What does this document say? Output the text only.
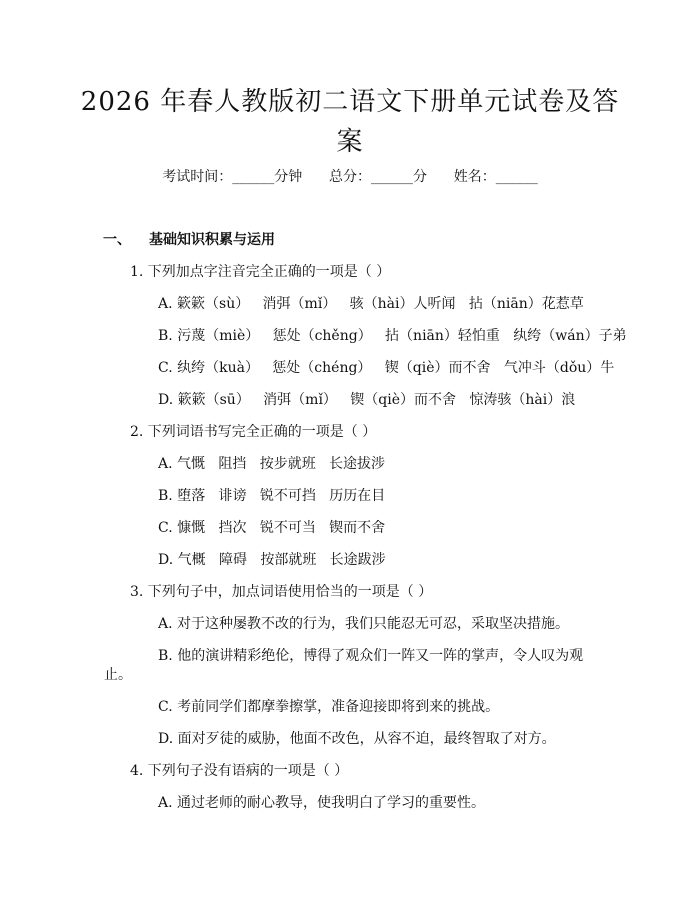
2026 年春人教版初二语文下册单元试卷及答
案
考试时间：______分钟      总分：______分      姓名：______
一、 基础知识积累与运用
1. 下列加点字注音完全正确的一项是（ ）
A. 簌簌（sù）   消弭（mǐ）   骇（hài）人听闻   拈（niān）花惹草
B. 污蔑（miè）   惩处（chěng）   拈（niān）轻怕重   纨绔（wán）子弟
C. 纨绔（kuà）   惩处（chéng）   锲（qiè）而不舍   气冲斗（dǒu）牛
D. 簌簌（sū）   消弭（mǐ）   锲（qiè）而不舍   惊涛骇（hài）浪
2. 下列词语书写完全正确的一项是（ ）
A. 气慨   阻挡   按步就班   长途拔涉
B. 堕落   诽谤   锐不可挡   历历在目
C. 慷慨   挡次   锐不可当   锲而不舍
D. 气概   障碍   按部就班   长途跋涉
3. 下列句子中，加点词语使用恰当的一项是（ ）
A. 对于这种屡教不改的行为，我们只能忍无可忍，采取坚决措施。
B. 他的演讲精彩绝伦，博得了观众们一阵又一阵的掌声，令人叹为观
止。
C. 考前同学们都摩拳擦掌，准备迎接即将到来的挑战。
D. 面对歹徒的威胁，他面不改色，从容不迫，最终智取了对方。
4. 下列句子没有语病的一项是（ ）
A. 通过老师的耐心教导，使我明白了学习的重要性。
